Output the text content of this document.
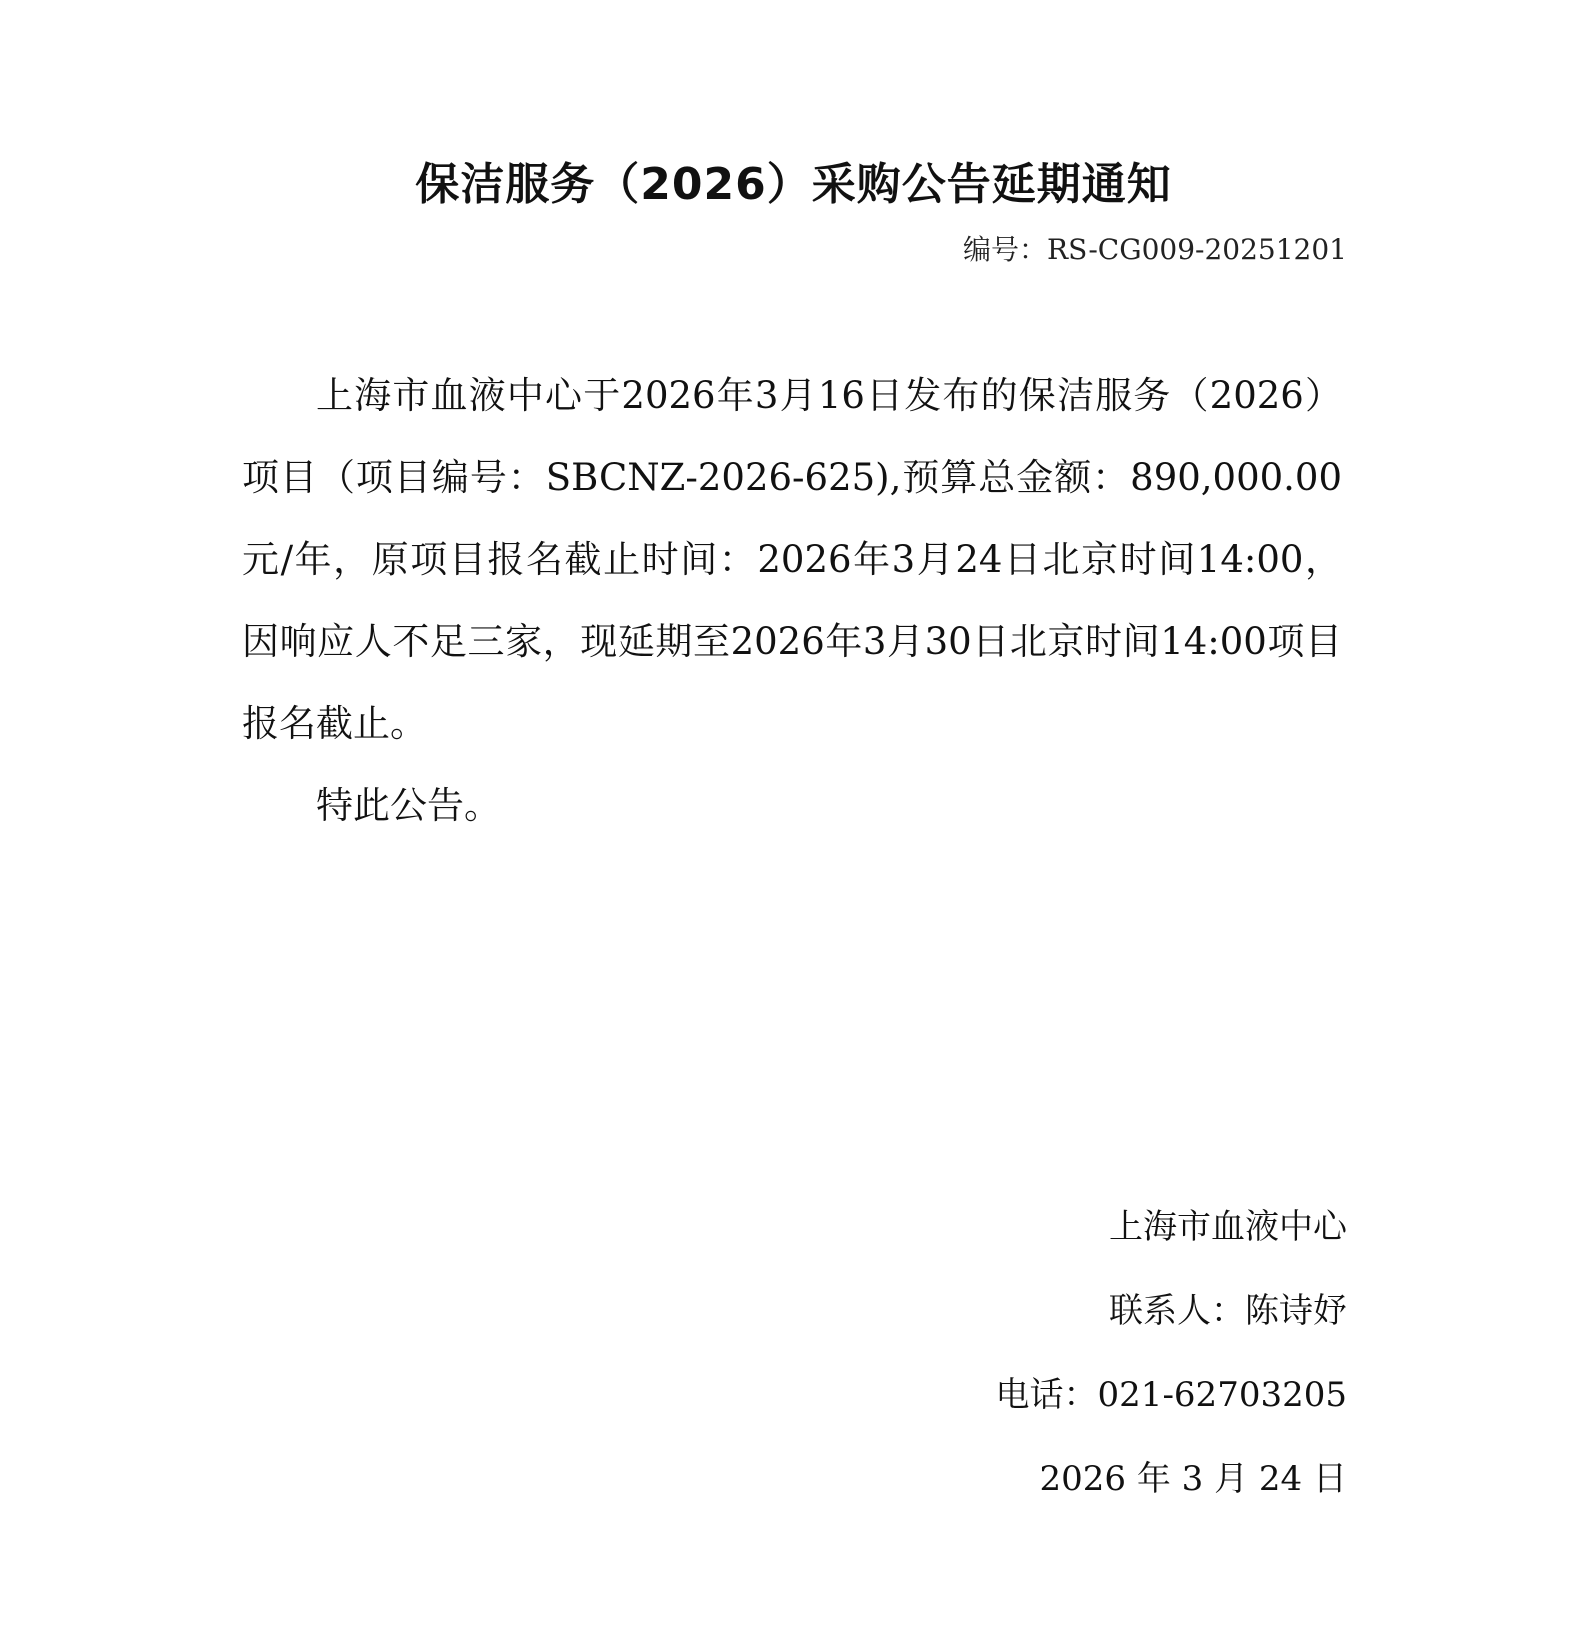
保洁服务（2026）采购公告延期通知
编号：RS-CG009-20251201

上海市血液中心于2026年3月16日发布的保洁服务（2026）项目（项目编号：SBCNZ-2026-625),预算总金额：890,000.00元/年，原项目报名截止时间：2026年3月24日北京时间14:00， 因响应人不足三家，现延期至2026年3月30日北京时间14:00项目报名截止。

特此公告。

上海市血液中心
联系人：陈诗妤
电话：021-62703205
2026 年 3 月 24 日
